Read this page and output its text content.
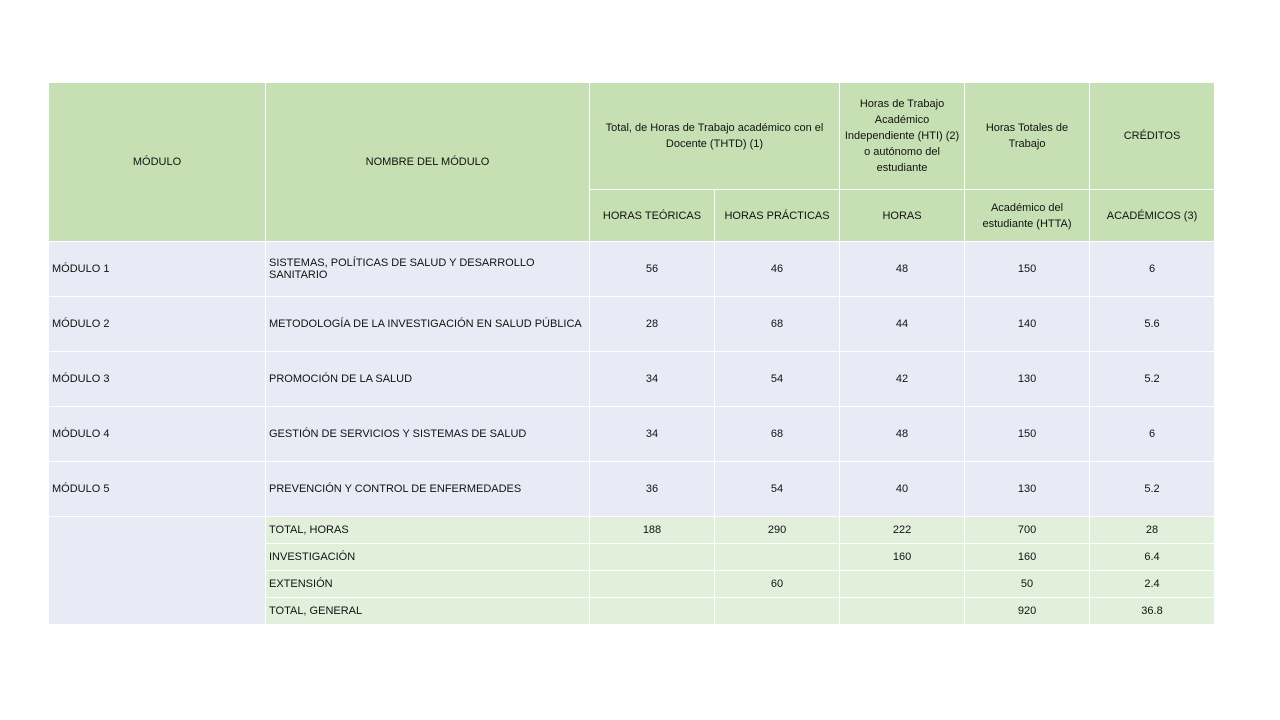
MÓDULO	NOMBRE DEL MÓDULO	Total, de Horas de Trabajo académico con el Docente (THTD) (1)		Horas de Trabajo Académico Independiente (HTI) (2) o autónomo del estudiante	Horas Totales de Trabajo	CRÉDITOS
		HORAS TEÓRICAS	HORAS PRÁCTICAS	HORAS	Académico del estudiante (HTTA)	ACADÉMICOS (3)
MÓDULO 1	SISTEMAS, POLÍTICAS DE SALUD Y DESARROLLO SANITARIO	56	46	48	150	6
MÓDULO 2	METODOLOGÍA DE LA INVESTIGACIÓN EN SALUD PÚBLICA	28	68	44	140	5.6
MÓDULO 3	PROMOCIÓN DE LA SALUD	34	54	42	130	5.2
MÓDULO 4	GESTIÓN DE SERVICIOS Y SISTEMAS DE SALUD	34	68	48	150	6
MÓDULO 5	PREVENCIÓN Y CONTROL DE ENFERMEDADES	36	54	40	130	5.2
	TOTAL, HORAS	188	290	222	700	28
	INVESTIGACIÓN			160	160	6.4
	EXTENSIÓN		60		50	2.4
	TOTAL, GENERAL				920	36.8
